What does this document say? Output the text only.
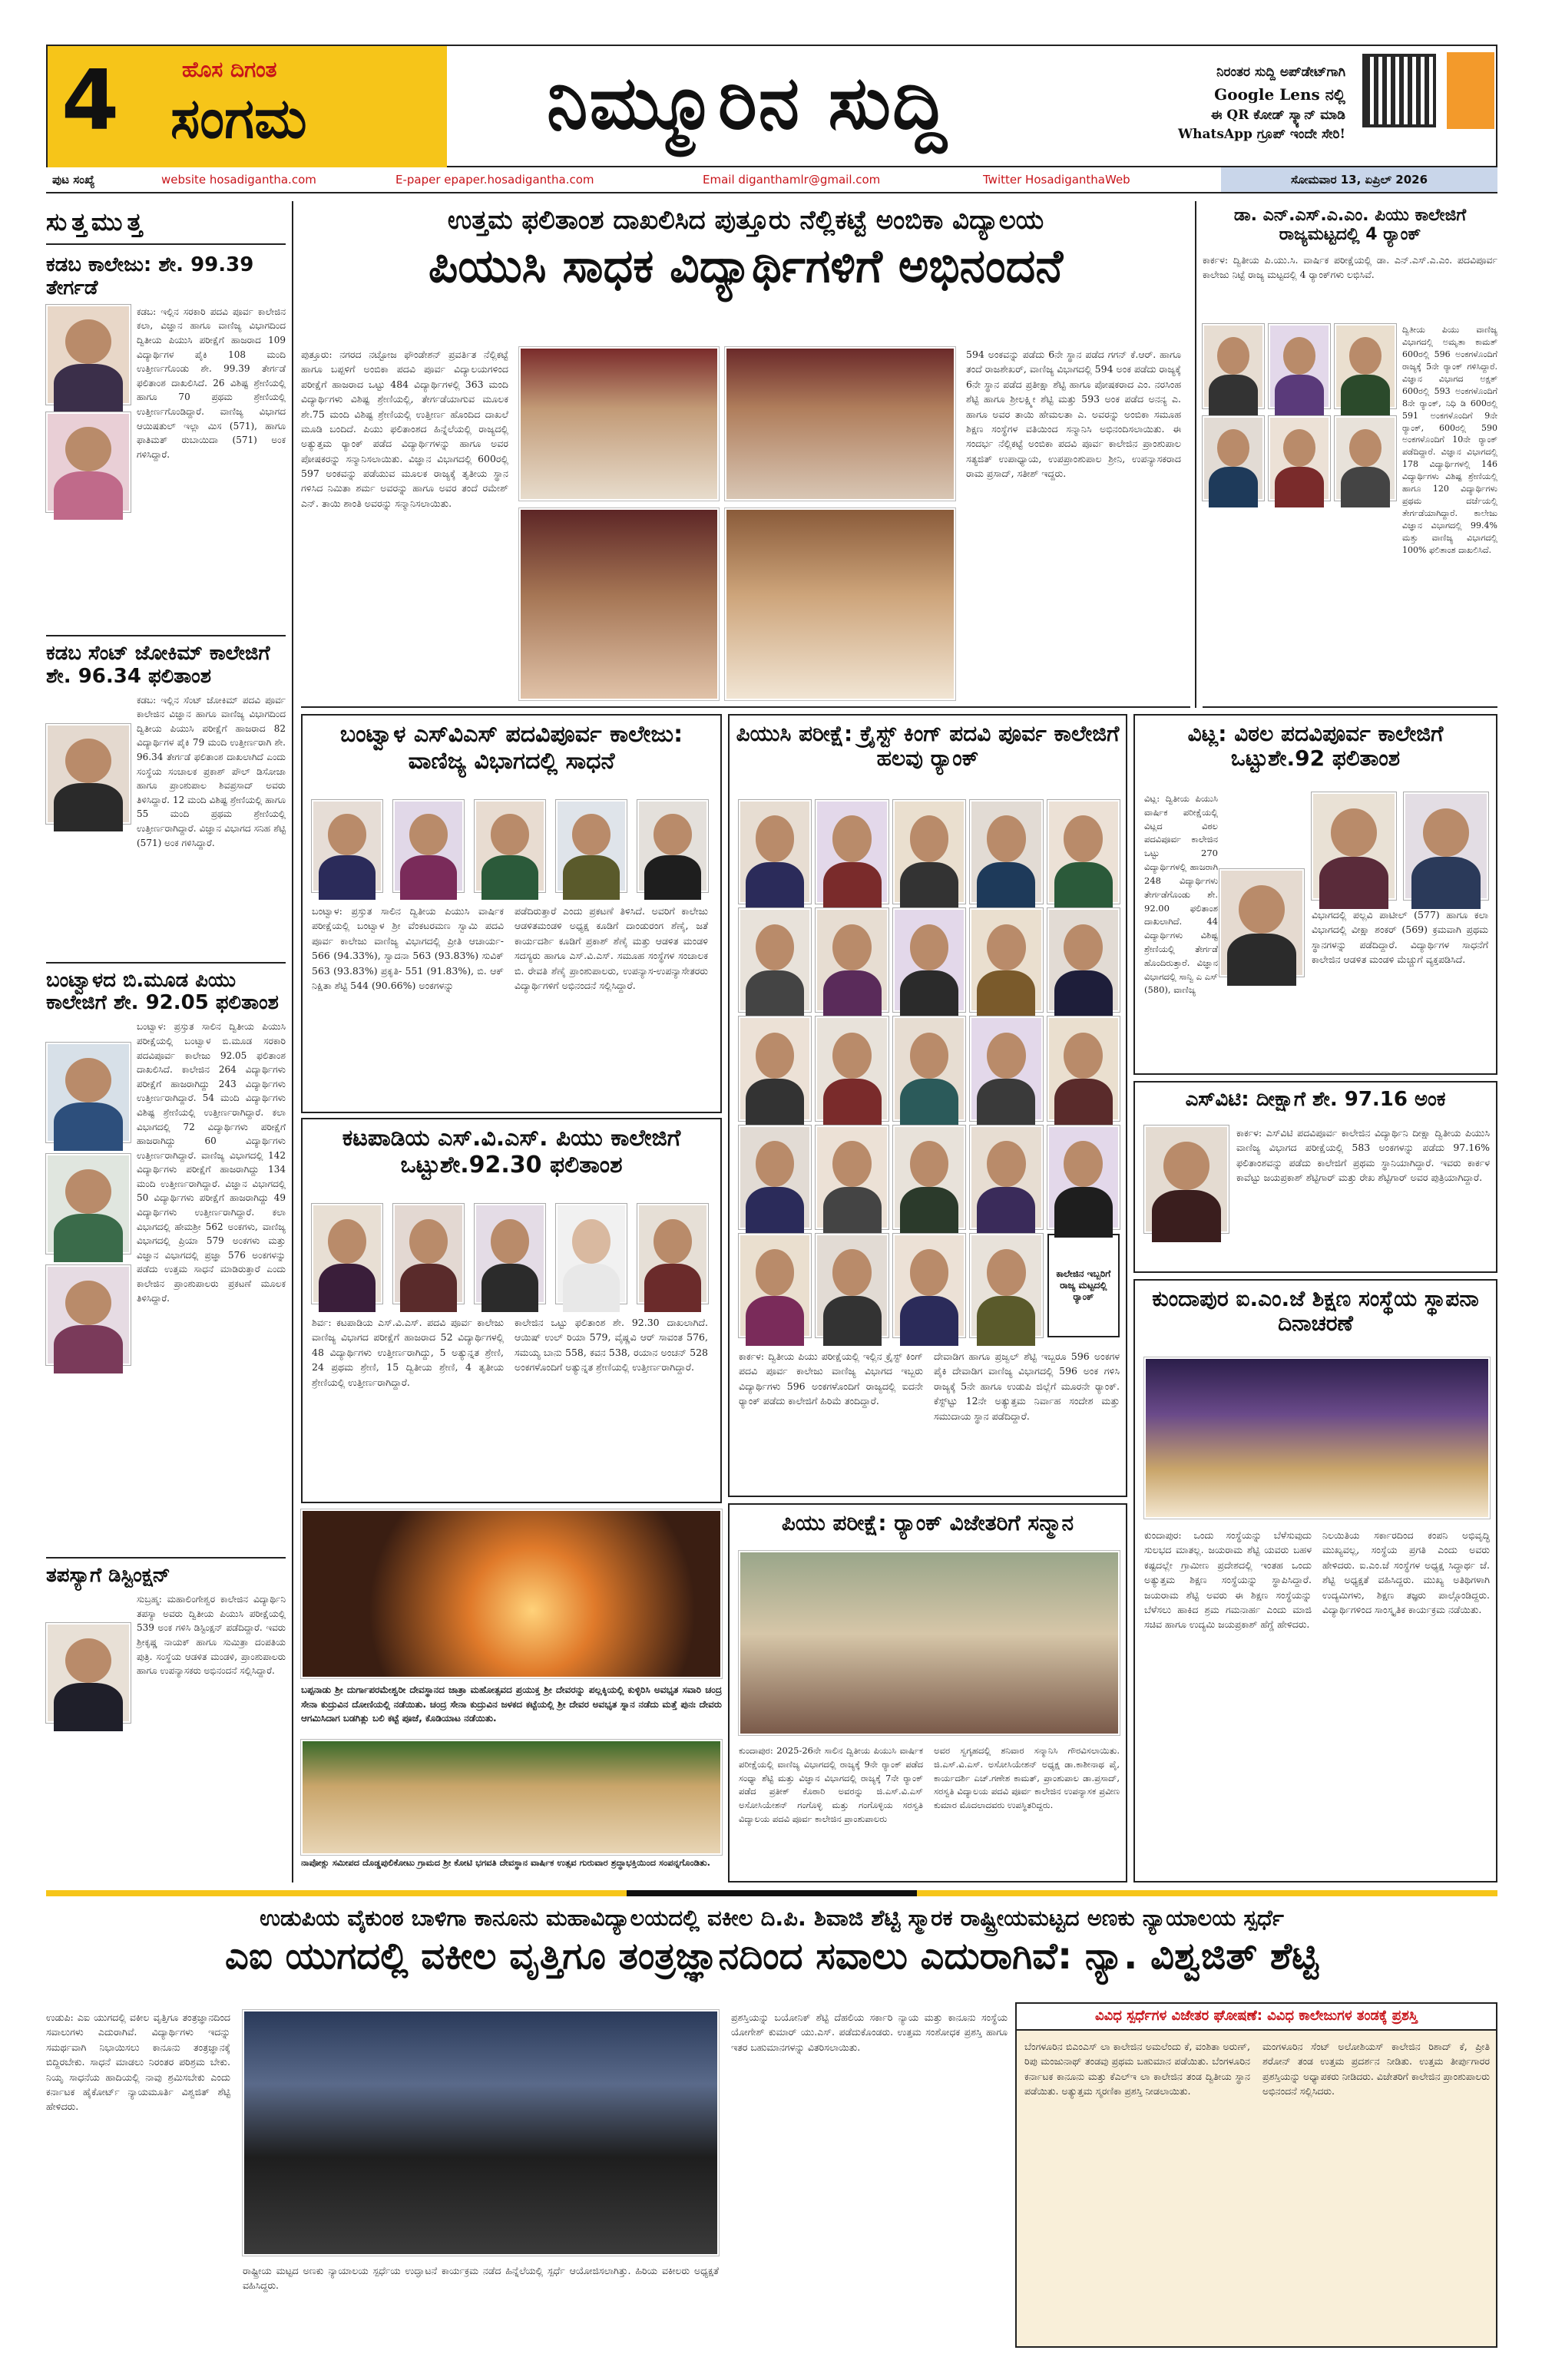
4	ಹೊಸ ದಿಗಂತ
ಸಂಗಮ	ನಿಮ್ಮೂರಿನ ಸುದ್ದಿ	ನಿರಂತರ ಸುದ್ದಿ ಅಪ್‌ಡೇಟ್‌ಗಾಗಿ
Google Lens ನಲ್ಲಿ
ಈ QR ಕೋಡ್ ಸ್ಕ್ಯಾನ್ ಮಾಡಿ
WhatsApp ಗ್ರೂಪ್ ಇಂದೇ ಸೇರಿ!
ಪುಟ ಸಂಖ್ಯೆ	website hosadigantha.com	E-paper epaper.hosadigantha.com	Email diganthamlr@gmail.com	Twitter HosadiganthaWeb	ಸೋಮವಾರ 13, ಏಪ್ರಿಲ್ 2026
ಸುತ್ತಮುತ್ತ
ಕಡಬ ಕಾಲೇಜು: ಶೇ. 99.39 ತೇರ್ಗಡೆ
ಕಡಬ: ಇಲ್ಲಿನ ಸರಕಾರಿ ಪದವಿ ಪೂರ್ವ ಕಾಲೇಜಿನ ಕಲಾ, ವಿಜ್ಞಾನ ಹಾಗೂ ವಾಣಿಜ್ಯ ವಿಭಾಗದಿಂದ ದ್ವಿತೀಯ ಪಿಯುಸಿ ಪರೀಕ್ಷೆಗೆ ಹಾಜರಾದ 109 ವಿದ್ಯಾರ್ಥಿಗಳ ಪೈಕಿ 108 ಮಂದಿ ಉತ್ತೀರ್ಣಗೊಂಡು ಶೇ. 99.39 ತೇರ್ಗಡೆ ಫಲಿತಾಂಶ ದಾಖಲಿಸಿದೆ. 26 ವಿಶಿಷ್ಟ ಶ್ರೇಣಿಯಲ್ಲಿ ಹಾಗೂ 70 ಪ್ರಥಮ ಶ್ರೇಣಿಯಲ್ಲಿ ಉತ್ತೀರ್ಣಗೊಂಡಿದ್ದಾರೆ. ವಾಣಿಜ್ಯ ವಿಭಾಗದ ಆಯಿಷತುಲ್ ಇಲ್ಲಾ ಮಿಸ (571), ಹಾಗೂ ಫಾತಿಮತ್ ರುಬಾಯಿದಾ (571) ಅಂಕ ಗಳಿಸಿದ್ದಾರೆ.
ಕಡಬ ಸೆಂಟ್ ಜೋಕಿಮ್ ಕಾಲೇಜಿಗೆ ಶೇ. 96.34 ಫಲಿತಾಂಶ
ಕಡಬ: ಇಲ್ಲಿನ ಸೆಂಟ್ ಜೋಕಿಮ್ ಪದವಿ ಪೂರ್ವ ಕಾಲೇಜಿನ ವಿಜ್ಞಾನ ಹಾಗೂ ವಾಣಿಜ್ಯ ವಿಭಾಗದಿಂದ ದ್ವಿತೀಯ ಪಿಯುಸಿ ಪರೀಕ್ಷೆಗೆ ಹಾಜರಾದ 82 ವಿದ್ಯಾರ್ಥಿಗಳ ಪೈಕಿ 79 ಮಂದಿ ಉತ್ತೀರ್ಣರಾಗಿ ಶೇ. 96.34 ತೇರ್ಗಡೆ ಫಲಿತಾಂಶ ದಾಖಲಾಗಿದೆ ಎಂದು ಸಂಸ್ಥೆಯ ಸಂಚಾಲಕ ಪ್ರಕಾಶ್ ಪೌಲ್ ಡಿಸೋಜಾ ಹಾಗೂ ಪ್ರಾಂಶುಪಾಲ ಶಿವಪ್ರಸಾದ್ ಅವರು ತಿಳಿಸಿದ್ದಾರೆ. 12 ಮಂದಿ ವಿಶಿಷ್ಟ ಶ್ರೇಣಿಯಲ್ಲಿ ಹಾಗೂ 55 ಮಂದಿ ಪ್ರಥಮ ಶ್ರೇಣಿಯಲ್ಲಿ ಉತ್ತೀರ್ಣರಾಗಿದ್ದಾರೆ. ವಿಜ್ಞಾನ ವಿಭಾಗದ ಸನಿಹ ಶೆಟ್ಟಿ (571) ಅಂಕ ಗಳಿಸಿದ್ದಾರೆ.
ಬಂಟ್ವಾಳದ ಬಿ.ಮೂಡ ಪಿಯು ಕಾಲೇಜಿಗೆ ಶೇ. 92.05 ಫಲಿತಾಂಶ
ಬಂಟ್ವಾಳ: ಪ್ರಸ್ತುತ ಸಾಲಿನ ದ್ವಿತೀಯ ಪಿಯುಸಿ ಪರೀಕ್ಷೆಯಲ್ಲಿ ಬಂಟ್ವಾಳ ಬಿ.ಮೂಡ ಸರಕಾರಿ ಪದವಿಪೂರ್ವ ಕಾಲೇಜು 92.05 ಫಲಿತಾಂಶ ದಾಖಲಿಸಿದೆ. ಕಾಲೇಜಿನ 264 ವಿದ್ಯಾರ್ಥಿಗಳು ಪರೀಕ್ಷೆಗೆ ಹಾಜರಾಗಿದ್ದು 243 ವಿದ್ಯಾರ್ಥಿಗಳು ಉತ್ತೀರ್ಣರಾಗಿದ್ದಾರೆ. 54 ಮಂದಿ ವಿದ್ಯಾರ್ಥಿಗಳು ವಿಶಿಷ್ಟ ಶ್ರೇಣಿಯಲ್ಲಿ ಉತ್ತೀರ್ಣರಾಗಿದ್ದಾರೆ. ಕಲಾ ವಿಭಾಗದಲ್ಲಿ 72 ವಿದ್ಯಾರ್ಥಿಗಳು ಪರೀಕ್ಷೆಗೆ ಹಾಜರಾಗಿದ್ದು 60 ವಿದ್ಯಾರ್ಥಿಗಳು ಉತ್ತೀರ್ಣರಾಗಿದ್ದಾರೆ. ವಾಣಿಜ್ಯ ವಿಭಾಗದಲ್ಲಿ 142 ವಿದ್ಯಾರ್ಥಿಗಳು ಪರೀಕ್ಷೆಗೆ ಹಾಜರಾಗಿದ್ದು 134 ಮಂದಿ ಉತ್ತೀರ್ಣರಾಗಿದ್ದಾರೆ. ವಿಜ್ಞಾನ ವಿಭಾಗದಲ್ಲಿ 50 ವಿದ್ಯಾರ್ಥಿಗಳು ಪರೀಕ್ಷೆಗೆ ಹಾಜರಾಗಿದ್ದು 49 ವಿದ್ಯಾರ್ಥಿಗಳು ಉತ್ತೀರ್ಣರಾಗಿದ್ದಾರೆ. ಕಲಾ ವಿಭಾಗದಲ್ಲಿ ಹೇಮಶ್ರೀ 562 ಅಂಕಗಳು, ವಾಣಿಜ್ಯ ವಿಭಾಗದಲ್ಲಿ ಪ್ರಿಯಾ 579 ಅಂಕಗಳು ಮತ್ತು ವಿಜ್ಞಾನ ವಿಭಾಗದಲ್ಲಿ ಪ್ರಜ್ಞಾ 576 ಅಂಕಗಳನ್ನು ಪಡೆದು ಉತ್ತಮ ಸಾಧನೆ ಮಾಡಿರುತ್ತಾರೆ ಎಂದು ಕಾಲೇಜಿನ ಪ್ರಾಂಶುಪಾಲರು ಪ್ರಕಟಣೆ ಮೂಲಕ ತಿಳಿಸಿದ್ದಾರೆ.
ತಪಸ್ಯಾಗೆ ಡಿಸ್ಟಿಂಕ್ಷನ್
ಸುಬ್ರಹ್ಮ: ಮಹಾಲಿಂಗೇಶ್ವರ ಕಾಲೇಜಿನ ವಿದ್ಯಾರ್ಥಿನಿ ತಪಸ್ಯಾ ಅವರು ದ್ವಿತೀಯ ಪಿಯುಸಿ ಪರೀಕ್ಷೆಯಲ್ಲಿ 539 ಅಂಕ ಗಳಿಸಿ ಡಿಸ್ಟಿಂಕ್ಷನ್ ಪಡೆದಿದ್ದಾರೆ. ಇವರು ಶ್ರೀಕೃಷ್ಣ ನಾಯಕ್ ಹಾಗೂ ಸುಮಿತ್ರಾ ದಂಪತಿಯ ಪುತ್ರಿ. ಸಂಸ್ಥೆಯ ಆಡಳಿತ ಮಂಡಳಿ, ಪ್ರಾಂಶುಪಾಲರು ಹಾಗೂ ಉಪನ್ಯಾಸಕರು ಅಭಿನಂದನೆ ಸಲ್ಲಿಸಿದ್ದಾರೆ.
ಉತ್ತಮ ಫಲಿತಾಂಶ ದಾಖಲಿಸಿದ ಪುತ್ತೂರು ನೆಲ್ಲಿಕಟ್ಟೆ ಅಂಬಿಕಾ ವಿದ್ಯಾಲಯ
ಪಿಯುಸಿ ಸಾಧಕ ವಿದ್ಯಾರ್ಥಿಗಳಿಗೆ ಅಭಿನಂದನೆ
ಪುತ್ತೂರು: ನಗರದ ನಟ್ಟೋಜ ಫೌಂಡೇಶನ್ ಪ್ರವರ್ತಿತ ನೆಲ್ಲಿಕಟ್ಟೆ ಹಾಗೂ ಬಪ್ಪಳಿಗೆ ಅಂಬಿಕಾ ಪದವಿ ಪೂರ್ವ ವಿದ್ಯಾಲಯಗಳಿಂದ ಪರೀಕ್ಷೆಗೆ ಹಾಜರಾದ ಒಟ್ಟು 484 ವಿದ್ಯಾರ್ಥಿಗಳಲ್ಲಿ 363 ಮಂದಿ ವಿದ್ಯಾರ್ಥಿಗಳು ವಿಶಿಷ್ಟ ಶ್ರೇಣಿಯಲ್ಲಿ, ತೇರ್ಗಡೆಯಾಗುವ ಮೂಲಕ ಶೇ.75 ಮಂದಿ ವಿಶಿಷ್ಟ ಶ್ರೇಣಿಯಲ್ಲಿ ಉತ್ತೀರ್ಣ ಹೊಂದಿದ ದಾಖಲೆ ಮೂಡಿ ಬಂದಿದೆ. ಪಿಯು ಫಲಿತಾಂಶದ ಹಿನ್ನೆಲೆಯಲ್ಲಿ ರಾಜ್ಯದಲ್ಲಿ ಅತ್ಯುತ್ತಮ ರ್‍ಯಾಂಕ್ ಪಡೆದ ವಿದ್ಯಾರ್ಥಿಗಳನ್ನು ಹಾಗೂ ಅವರ ಪೋಷಕರನ್ನು ಸನ್ಮಾನಿಸಲಾಯಿತು. ವಿಜ್ಞಾನ ವಿಭಾಗದಲ್ಲಿ 600ರಲ್ಲಿ 597 ಅಂಕವನ್ನು ಪಡೆಯುವ ಮೂಲಕ ರಾಜ್ಯಕ್ಕೆ ತೃತೀಯ ಸ್ಥಾನ ಗಳಿಸಿದ ನಿಮಿತಾ ಶರ್ಮ ಅವರನ್ನು ಹಾಗೂ ಅವರ ತಂದೆ ರಮೇಶ್ ಎನ್. ತಾಯಿ ಶಾಂತಿ ಅವರನ್ನು ಸನ್ಮಾನಿಸಲಾಯಿತು.
594 ಅಂಕವನ್ನು ಪಡೆದು 6ನೇ ಸ್ಥಾನ ಪಡೆದ ಗಗನ್ ಕೆ.ಆರ್. ಹಾಗೂ ತಂದೆ ರಾಜಶೇಖರ್, ವಾಣಿಜ್ಯ ವಿಭಾಗದಲ್ಲಿ 594 ಅಂಕ ಪಡೆದು ರಾಜ್ಯಕ್ಕೆ 6ನೇ ಸ್ಥಾನ ಪಡೆದ ಪ್ರತೀಕ್ಷಾ ಶೆಟ್ಟಿ ಹಾಗೂ ಪೋಷಕರಾದ ಎಂ. ನರಸಿಂಹ ಶೆಟ್ಟಿ ಹಾಗೂ ಶ್ರೀಲಕ್ಷ್ಮೀ ಶೆಟ್ಟಿ ಮತ್ತು 593 ಅಂಕ ಪಡೆದ ಅನನ್ಯ ಎ. ಹಾಗೂ ಅವರ ತಾಯಿ ಹೇಮಲತಾ ಎ. ಅವರನ್ನು ಅಂಬಿಕಾ ಸಮೂಹ ಶಿಕ್ಷಣ ಸಂಸ್ಥೆಗಳ ವತಿಯಿಂದ ಸನ್ಮಾನಿಸಿ ಅಭಿನಂದಿಸಲಾಯಿತು. ಈ ಸಂದರ್ಭ ನೆಲ್ಲಿಕಟ್ಟೆ ಅಂಬಿಕಾ ಪದವಿ ಪೂರ್ವ ಕಾಲೇಜಿನ ಪ್ರಾಂಶುಪಾಲ ಸತ್ಯಜಿತ್ ಉಪಾಧ್ಯಾಯ, ಉಪಪ್ರಾಂಶುಪಾಲ ಶ್ರೀನಿ, ಉಪನ್ಯಾಸಕರಾದ ರಾಮ ಪ್ರಸಾದ್, ಸತೀಶ್ ಇದ್ದರು.
ಡಾ. ಎನ್.ಎಸ್.ಎ.ಎಂ. ಪಿಯು ಕಾಲೇಜಿಗೆ ರಾಜ್ಯಮಟ್ಟದಲ್ಲಿ 4 ರ್‍ಯಾಂಕ್
ಕಾರ್ಕಳ: ದ್ವಿತೀಯ ಪಿ.ಯು.ಸಿ. ವಾರ್ಷಿಕ ಪರೀಕ್ಷೆಯಲ್ಲಿ ಡಾ. ಎನ್.ಎಸ್.ಎ.ಎಂ. ಪದವಿಪೂರ್ವ ಕಾಲೇಜು ನಿಟ್ಟೆ ರಾಜ್ಯ ಮಟ್ಟದಲ್ಲಿ 4 ರ್‍ಯಾಂಕ್‌ಗಳು ಲಭಿಸಿವೆ.
ದ್ವಿತೀಯ ಪಿಯು ವಾಣಿಜ್ಯ ವಿಭಾಗದಲ್ಲಿ ಅಮೃತಾ ಕಾಮತ್ 600ರಲ್ಲಿ 596 ಅಂಕಗಳೊಂದಿಗೆ ರಾಜ್ಯಕ್ಕೆ 5ನೇ ರ್‍ಯಾಂಕ್ ಗಳಿಸಿದ್ದಾರೆ. ವಿಜ್ಞಾನ ವಿಭಾಗದ ಅಕ್ಷತ್ 600ರಲ್ಲಿ 593 ಅಂಕಗಳೊಂದಿಗೆ 8ನೇ ರ್‍ಯಾಂಕ್, ನಿಧಿ ಡಿ 600ರಲ್ಲಿ 591 ಅಂಕಗಳೊಂದಿಗೆ 9ನೇ ರ್‍ಯಾಂಕ್, 600ರಲ್ಲಿ 590 ಅಂಕಗಳೊಂದಿಗೆ 10ನೇ ರ್‍ಯಾಂಕ್ ಪಡೆದಿದ್ದಾರೆ. ವಿಜ್ಞಾನ ವಿಭಾಗದಲ್ಲಿ 178 ವಿದ್ಯಾರ್ಥಿಗಳಲ್ಲಿ 146 ವಿದ್ಯಾರ್ಥಿಗಳು ವಿಶಿಷ್ಟ ಶ್ರೇಣಿಯಲ್ಲಿ ಹಾಗೂ 120 ವಿದ್ಯಾರ್ಥಿಗಳು ಪ್ರಥಮ ದರ್ಜೆಯಲ್ಲಿ ತೇರ್ಗಡೆಯಾಗಿದ್ದಾರೆ. ಕಾಲೇಜು ವಿಜ್ಞಾನ ವಿಭಾಗದಲ್ಲಿ 99.4% ಮತ್ತು ವಾಣಿಜ್ಯ ವಿಭಾಗದಲ್ಲಿ 100% ಫಲಿತಾಂಶ ದಾಖಲಿಸಿದೆ.
ಬಂಟ್ವಾಳ ಎಸ್‌ವಿಎಸ್ ಪದವಿಪೂರ್ವ ಕಾಲೇಜು: ವಾಣಿಜ್ಯ ವಿಭಾಗದಲ್ಲಿ ಸಾಧನೆ
ಬಂಟ್ವಾಳ: ಪ್ರಸ್ತುತ ಸಾಲಿನ ದ್ವಿತೀಯ ಪಿಯುಸಿ ವಾರ್ಷಿಕ ಪರೀಕ್ಷೆಯಲ್ಲಿ ಬಂಟ್ವಾಳ ಶ್ರೀ ವೆಂಕಟರಮಣ ಸ್ವಾಮಿ ಪದವಿ ಪೂರ್ವ ಕಾಲೇಜು ವಾಣಿಜ್ಯ ವಿಭಾಗದಲ್ಲಿ ಪ್ರೀತಿ ಆಚಾರ್ಯ- 566 (94.33%), ಸ್ವಾದನಾ 563 (93.83%) ಸುವಿಕ್ 563 (93.83%) ಪ್ರಕೃತಿ- 551 (91.83%), ಬಿ. ಆಕ್ ನಿಕ್ಷಿತಾ ಶೆಟ್ಟಿ 544 (90.66%) ಅಂಕಗಳನ್ನು
ಪಡೆದಿರುತ್ತಾರೆ ಎಂದು ಪ್ರಕಟಣೆ ತಿಳಿಸಿದೆ. ಅವರಿಗೆ ಕಾಲೇಜು ಆಡಳಿತಮಂಡಳಿ ಅಧ್ಯಕ್ಷ ಕೂಡಿಗೆ ದಾಂಡುರಂಗ ಶೆಣೈ, ಜತೆ ಕಾರ್ಯದರ್ಶಿ ಕೂಡಿಗೆ ಪ್ರಕಾಶ್ ಶೆಣೈ ಮತ್ತು ಆಡಳಿತ ಮಂಡಳಿ ಸದಸ್ಯರು ಹಾಗೂ ಎಸ್.ವಿ.ಎಸ್. ಸಮೂಹ ಸಂಸ್ಥೆಗಳ ಸಂಚಾಲಕ ಬಿ. ರೇವತಿ ಶೆಣೈ ಪ್ರಾಂಶುಪಾಲರು, ಉಪನ್ಯಾಸ-ಉಪನ್ಯಾಸೇತರರು ವಿದ್ಯಾರ್ಥಿಗಳಿಗೆ ಅಭಿನಂದನೆ ಸಲ್ಲಿಸಿದ್ದಾರೆ.
ಕಟಪಾಡಿಯ ಎಸ್.ವಿ.ಎಸ್. ಪಿಯು ಕಾಲೇಜಿಗೆ ಒಟ್ಟುಶೇ.92.30 ಫಲಿತಾಂಶ
ಶಿರ್ವ: ಕಟಪಾಡಿಯ ಎಸ್.ವಿ.ಎಸ್. ಪದವಿ ಪೂರ್ವ ಕಾಲೇಜು ವಾಣಿಜ್ಯ ವಿಭಾಗದ ಪರೀಕ್ಷೆಗೆ ಹಾಜರಾದ 52 ವಿದ್ಯಾರ್ಥಿಗಳಲ್ಲಿ 48 ವಿದ್ಯಾರ್ಥಿಗಳು ಉತ್ತೀರ್ಣರಾಗಿದ್ದು, 5 ಅತ್ಯುನ್ನತ ಶ್ರೇಣಿ, 24 ಪ್ರಥಮ ಶ್ರೇಣಿ, 15 ದ್ವಿತೀಯ ಶ್ರೇಣಿ, 4 ತೃತೀಯ ಶ್ರೇಣಿಯಲ್ಲಿ ಉತ್ತೀರ್ಣರಾಗಿದ್ದಾರೆ.
ಕಾಲೇಜಿನ ಒಟ್ಟು ಫಲಿತಾಂಶ ಶೇ. 92.30 ದಾಖಲಾಗಿದೆ. ಆಯಿಷ್ ಉಲ್ ರಿಯಾ 579, ವೈಷ್ಣವಿ ಆರ್ ಸಾವಂತ 576, ಸಮಯ್ಯ ಬಾನು 558, ಕವನ 538, ರಯಾನ ಅಂಚನ್ 528 ಅಂಕಗಳೊಂದಿಗೆ ಅತ್ಯುನ್ನತ ಶ್ರೇಣಿಯಲ್ಲಿ ಉತ್ತೀರ್ಣರಾಗಿದ್ದಾರೆ.
ಪಿಯುಸಿ ಪರೀಕ್ಷೆ: ಕ್ರೈಸ್ಟ್ ಕಿಂಗ್ ಪದವಿ ಪೂರ್ವ ಕಾಲೇಜಿಗೆ ಹಲವು ರ್‍ಯಾಂಕ್
ಕಾಲೇಜಿನ ಇಬ್ಬರಿಗೆ ರಾಜ್ಯ ಮಟ್ಟದಲ್ಲಿ ರ್‍ಯಾಂಕ್
ಕಾರ್ಕಳ: ದ್ವಿತೀಯ ಪಿಯು ಪರೀಕ್ಷೆಯಲ್ಲಿ ಇಲ್ಲಿನ ಕ್ರೈಸ್ಟ್ ಕಿಂಗ್ ಪದವಿ ಪೂರ್ವ ಕಾಲೇಜು ವಾಣಿಜ್ಯ ವಿಭಾಗದ ಇಬ್ಬರು ವಿದ್ಯಾರ್ಥಿಗಳು 596 ಅಂಕಗಳೊಂದಿಗೆ ರಾಜ್ಯದಲ್ಲಿ ಐದನೇ ರ್‍ಯಾಂಕ್ ಪಡೆದು ಕಾಲೇಜಿಗೆ ಹಿರಿಮೆ ತಂದಿದ್ದಾರೆ.
ದೇವಾಡಿಗ ಹಾಗೂ ಪ್ರಜ್ವಲ್ ಶೆಟ್ಟಿ ಇಬ್ಬರೂ 596 ಅಂಕಗಳ ಪೈಕಿ ದೇವಾಡಿಗ ವಾಣಿಜ್ಯ ವಿಭಾಗದಲ್ಲಿ 596 ಅಂಕ ಗಳಿಸಿ ರಾಜ್ಯಕ್ಕೆ 5ನೇ ಹಾಗೂ ಉಡುಪಿ ಜಿಲ್ಲೆಗೆ ಮೂರನೇ ರ್‍ಯಾಂಕ್. ಕೆಸ್ಟ್‌ಟ್ಟು 12ನೇ ಅತ್ಯುತ್ತಮ ನಿರ್ವಾಹ ಸಂದೇಶ ಮತ್ತು ಸಮುದಾಯ ಸ್ಥಾನ ಪಡೆದಿದ್ದಾರೆ.
ವಿಟ್ಲ: ವಿಠಲ ಪದವಿಪೂರ್ವ ಕಾಲೇಜಿಗೆ ಒಟ್ಟುಶೇ.92 ಫಲಿತಾಂಶ
ವಿಟ್ಲ: ದ್ವಿತೀಯ ಪಿಯುಸಿ ವಾರ್ಷಿಕ ಪರೀಕ್ಷೆಯಲ್ಲಿ ವಿಟ್ಲದ ವಿಠಲ ಪದವಿಪೂರ್ವ ಕಾಲೇಜಿನ ಒಟ್ಟು 270 ವಿದ್ಯಾರ್ಥಿಗಳಲ್ಲಿ ಹಾಜರಾಗಿ 248 ವಿದ್ಯಾರ್ಥಿಗಳು ತೇರ್ಗಡೆಗೊಂಡು ಶೇ. 92.00 ಫಲಿತಾಂಶ ದಾಖಲಾಗಿದೆ. 44 ವಿದ್ಯಾರ್ಥಿಗಳು ವಿಶಿಷ್ಟ ಶ್ರೇಣಿಯಲ್ಲಿ ತೇರ್ಗಡೆ ಹೊಂದಿರುತ್ತಾರೆ. ವಿಜ್ಞಾನ ವಿಭಾಗದಲ್ಲಿ ಸಾನ್ವಿ ಎ ಎಸ್ (580), ವಾಣಿಜ್ಯ
ವಿಭಾಗದಲ್ಲಿ ಪಲ್ಲವಿ ಪಾಟೀಲ್ (577) ಹಾಗೂ ಕಲಾ ವಿಭಾಗದಲ್ಲಿ ವೀಕ್ಷಾ ಶಂಕರ್ (569) ಕ್ರಮವಾಗಿ ಪ್ರಥಮ ಸ್ಥಾನಗಳನ್ನು ಪಡೆದಿದ್ದಾರೆ. ವಿದ್ಯಾರ್ಥಿಗಳ ಸಾಧನೆಗೆ ಕಾಲೇಜಿನ ಆಡಳಿತ ಮಂಡಳಿ ಮೆಚ್ಚುಗೆ ವ್ಯಕ್ತಪಡಿಸಿದೆ.
ಎಸ್‌ವಿಟಿ: ದೀಕ್ಷಾಗೆ ಶೇ. 97.16 ಅಂಕ
ಕಾರ್ಕಳ: ಎಸ್‌ವಿಟಿ ಪದವಿಪೂರ್ವ ಕಾಲೇಜಿನ ವಿದ್ಯಾರ್ಥಿನಿ ದೀಕ್ಷಾ ದ್ವಿತೀಯ ಪಿಯುಸಿ ವಾಣಿಜ್ಯ ವಿಭಾಗದ ಪರೀಕ್ಷೆಯಲ್ಲಿ 583 ಅಂಕಗಳನ್ನು ಪಡೆದು 97.16% ಫಲಿತಾಂಶವನ್ನು ಪಡೆದು ಕಾಲೇಜಿಗೆ ಪ್ರಥಮ ಸ್ಥಾನಿಯಾಗಿದ್ದಾರೆ. ಇವರು ಕಾರ್ಕಳ ಕಾವೆಟ್ಟು ಜಯಪ್ರಕಾಶ್ ಶೆಟ್ಟಿಗಾರ್ ಮತ್ತು ರೇಖ ಶೆಟ್ಟಿಗಾರ್ ಅವರ ಪುತ್ರಿಯಾಗಿದ್ದಾರೆ.
ಕುಂದಾಪುರ ಐ.ಎಂ.ಜೆ ಶಿಕ್ಷಣ ಸಂಸ್ಥೆಯ ಸ್ಥಾಪನಾ ದಿನಾಚರಣೆ
ಕುಂದಾಪುರ: ಒಂದು ಸಂಸ್ಥೆಯನ್ನು ಬೆಳೆಸುವುದು ಸುಲಭದ ಮಾತಲ್ಲ. ಜಯರಾಮ ಶೆಟ್ಟಿ ಯವರು ಬಹಳ ಕಷ್ಟದಲ್ಲೇ ಗ್ರಾಮೀಣ ಪ್ರದೇಶದಲ್ಲಿ ಇಂತಹ ಒಂದು ಅತ್ಯುತ್ತಮ ಶಿಕ್ಷಣ ಸಂಸ್ಥೆಯನ್ನು ಸ್ಥಾಪಿಸಿದ್ದಾರೆ. ಜಯರಾಮ ಶೆಟ್ಟಿ ಅವರು ಈ ಶಿಕ್ಷಣ ಸಂಸ್ಥೆಯನ್ನು ಬೆಳೆಸಲು ಹಾಕಿದ ಶ್ರಮ ಗಮನಾರ್ಹ ಎಂದು ಮಾಜಿ ಸಚಿವ ಹಾಗೂ ಉದ್ಯಮಿ ಜಯಪ್ರಕಾಶ್ ಹೆಗ್ಡೆ ಹೇಳಿದರು.
ನಿಲಯಿತಿಯ ಸರ್ಕಾರದಿಂದ ಕಂಪನಿ ಅಭಿವೃದ್ಧಿ ಮುಖ್ಯವಲ್ಲ, ಸಂಸ್ಥೆಯ ಪ್ರಗತಿ ಎಂದು ಅವರು ಹೇಳಿದರು. ಐ.ಎಂ.ಜೆ ಸಂಸ್ಥೆಗಳ ಅಧ್ಯಕ್ಷ ಸಿದ್ಧಾರ್ಥ ಜೆ. ಶೆಟ್ಟಿ ಅಧ್ಯಕ್ಷತೆ ವಹಿಸಿದ್ದರು. ಮುಖ್ಯ ಅತಿಥಿಗಳಾಗಿ ಉದ್ಯಮಿಗಳು, ಶಿಕ್ಷಣ ತಜ್ಞರು ಪಾಲ್ಗೊಂಡಿದ್ದರು. ವಿದ್ಯಾರ್ಥಿಗಳಿಂದ ಸಾಂಸ್ಕೃತಿಕ ಕಾರ್ಯಕ್ರಮ ನಡೆಯಿತು.
ಬಪ್ಪನಾಡು ಶ್ರೀ ದುರ್ಗಾಪರಮೇಶ್ವರೀ ದೇವಸ್ಥಾನದ ಜಾತ್ರಾ ಮಹೋತ್ಸವದ ಪ್ರಯುಕ್ತ ಶ್ರೀ ದೇವರನ್ನು ಪಲ್ಲಕ್ಕಿಯಲ್ಲಿ ಕುಳ್ಳಿರಿಸಿ ಅವಭೃತ ಸವಾರಿ ಚಂದ್ರ ಸೇನಾ ಕುದ್ರುವಿನ ದೋಣಿಯಲ್ಲಿ ನಡೆಯಿತು. ಚಂದ್ರ ಸೇನಾ ಕುದ್ರುವಿನ ಜಳಕದ ಕಟ್ಟೆಯಲ್ಲಿ ಶ್ರೀ ದೇವರ ಅವಭೃತ ಸ್ನಾನ ನಡೆದು ಮತ್ತೆ ಪುನಃ ದೇವರು ಆಗಮಿಸಿದಾಗ ಬಡಗಿತ್ಲು ಬಲಿ ಕಟ್ಟೆ ಪೂಜೆ, ಕೊಡಿಯಾಟ ನಡೆಯಿತು.
ನಾಪೋಕ್ಲು ಸಮೀಪದ ದೊಡ್ಡಪುಲಿಕೋಟು ಗ್ರಾಮದ ಶ್ರೀ ಕೋಟಿ ಭಗವತಿ ದೇವಸ್ಥಾನ ವಾರ್ಷಿಕ ಉತ್ಸವ ಗುರುವಾರ ಶ್ರದ್ಧಾಭಕ್ತಿಯಿಂದ ಸಂಪನ್ನಗೊಂಡಿತು.
ಪಿಯು ಪರೀಕ್ಷೆ: ರ್‍ಯಾಂಕ್ ವಿಜೇತರಿಗೆ ಸನ್ಮಾನ
ಕುಂದಾಪುರ: 2025-26ನೇ ಸಾಲಿನ ದ್ವಿತೀಯ ಪಿಯುಸಿ ವಾರ್ಷಿಕ ಪರೀಕ್ಷೆಯಲ್ಲಿ ವಾಣಿಜ್ಯ ವಿಭಾಗದಲ್ಲಿ ರಾಜ್ಯಕ್ಕೆ 9ನೇ ರ್‍ಯಾಂಕ್ ಪಡೆದ ಸಂಧ್ಯಾ ಶೆಟ್ಟಿ ಮತ್ತು ವಿಜ್ಞಾನ ವಿಭಾಗದಲ್ಲಿ ರಾಜ್ಯಕ್ಕೆ 7ನೇ ರ್‍ಯಾಂಕ್ ಪಡೆದ ಪ್ರತೀಕ್ ಕೊಠಾರಿ ಅವರನ್ನು ಜಿ.ಎಸ್.ವಿ.ಎಸ್ ಅಸೋಸಿಯೇಶನ್ ಗಂಗೊಳ್ಳಿ ಮತ್ತು ಗಂಗೊಳ್ಳಿಯ ಸರಸ್ವತಿ ವಿದ್ಯಾಲಯ ಪದವಿ ಪೂರ್ವ ಕಾಲೇಜಿನ ಪ್ರಾಂಶುಪಾಲರು
ಅವರ ಸ್ವಗೃಹದಲ್ಲಿ ಶನಿವಾರ ಸನ್ಮಾನಿಸಿ ಗೌರವಿಸಲಾಯಿತು. ಜಿ.ಎಸ್.ವಿ.ಎಸ್. ಅಸೋಸಿಯೇಶನ್ ಅಧ್ಯಕ್ಷ ಡಾ.ಕಾಶೀನಾಥ ಪೈ, ಕಾರ್ಯದರ್ಶಿ ಎಚ್.ಗಣೇಶ ಕಾಮತ್, ಪ್ರಾಂಶುಪಾಲ ಡಾ.ಪ್ರಸಾದ್, ಸರಸ್ವತಿ ವಿದ್ಯಾಲಯ ಪದವಿ ಪೂರ್ವ ಕಾಲೇಜಿನ ಉಪನ್ಯಾಸಕ ಪ್ರವೀಣ ಕುಮಾರ ಮೊದಲಾದವರು ಉಪಸ್ಥಿತರಿದ್ದರು.
ಉಡುಪಿಯ ವೈಕುಂಠ ಬಾಳಿಗಾ ಕಾನೂನು ಮಹಾವಿದ್ಯಾಲಯದಲ್ಲಿ ವಕೀಲ ದಿ.ಪಿ. ಶಿವಾಜಿ ಶೆಟ್ಟಿ ಸ್ಮಾರಕ ರಾಷ್ಟ್ರೀಯಮಟ್ಟದ ಅಣಕು ನ್ಯಾಯಾಲಯ ಸ್ಪರ್ಧೆ
ಎಐ ಯುಗದಲ್ಲಿ ವಕೀಲ ವೃತ್ತಿಗೂ ತಂತ್ರಜ್ಞಾನದಿಂದ ಸವಾಲು ಎದುರಾಗಿವೆ: ನ್ಯಾ. ವಿಶ್ವಜಿತ್ ಶೆಟ್ಟಿ
ಉಡುಪಿ: ಎಐ ಯುಗದಲ್ಲಿ ವಕೀಲ ವೃತ್ತಿಗೂ ತಂತ್ರಜ್ಞಾನದಿಂದ ಸವಾಲುಗಳು ಎದುರಾಗಿವೆ. ವಿದ್ಯಾರ್ಥಿಗಳು ಇದನ್ನು ಸಮರ್ಥವಾಗಿ ನಿಭಾಯಿಸಲು ಕಾನೂನು ತಂತ್ರಜ್ಞಾನಕ್ಕೆ ಬಿದ್ದಿರಬೇಕು. ಸಾಧನೆ ಮಾಡಲು ನಿರಂತರ ಪರಿಶ್ರಮ ಬೇಕು. ನಿಯೃ ಸಾಧನೆಯ ಹಾದಿಯಲ್ಲಿ ನಾವು ಶ್ರಮಿಸಬೇಕು ಎಂದು ಕರ್ನಾಟಕ ಹೈಕೋರ್ಟ್ ನ್ಯಾಯಮೂರ್ತಿ ವಿಶ್ವಜಿತ್ ಶೆಟ್ಟಿ ಹೇಳಿದರು.
ರಾಷ್ಟ್ರೀಯ ಮಟ್ಟದ ಅಣಕು ನ್ಯಾಯಾಲಯ ಸ್ಪರ್ಧೆಯ ಉದ್ಘಾಟನೆ ಕಾರ್ಯಕ್ರಮ ನಡೆದ ಹಿನ್ನೆಲೆಯಲ್ಲಿ ಸ್ಪರ್ಧೆ ಆಯೋಜಿಸಲಾಗಿತ್ತು. ಹಿರಿಯ ವಕೀಲರು ಅಧ್ಯಕ್ಷತೆ ವಹಿಸಿದ್ದರು.
ಪ್ರಶಸ್ತಿಯನ್ನು ಬಯೋನಿಕ್ ಶೆಟ್ಟಿ ದೆಹಲಿಯ ಸರ್ಕಾರಿ ನ್ಯಾಯ ಮತ್ತು ಕಾನೂನು ಸಂಸ್ಥೆಯ ಯೋಗೇಶ್ ಕುಮಾರ್ ಯು.ಎಸ್. ಪಡೆದುಕೊಂಡರು. ಉತ್ತಮ ಸಂಶೋಧಕ ಪ್ರಶಸ್ತಿ ಹಾಗೂ ಇತರ ಬಹುಮಾನಗಳನ್ನು ವಿತರಿಸಲಾಯಿತು.
ವಿವಿಧ ಸ್ಪರ್ಧೆಗಳ ವಿಜೇತರ ಘೋಷಣೆ: ವಿವಿಧ ಕಾಲೇಜುಗಳ ತಂಡಕ್ಕೆ ಪ್ರಶಸ್ತಿ
ಬೆಂಗಳೂರಿನ ಬಿಎಂಎಸ್ ಲಾ ಕಾಲೇಜಿನ ಅಮಲೆಂದು ಕೆ, ವಂಶಿತಾ ಅರುಣ್, ರಿಪು ಮಂಜುನಾಥ್ ತಂಡವು ಪ್ರಥಮ ಬಹುಮಾನ ಪಡೆಯಿತು. ಬೆಂಗಳೂರಿನ ಕರ್ನಾಟಕ ಕಾನೂನು ಮತ್ತು ಕೆಎಲ್‌ಇ ಲಾ ಕಾಲೇಜಿನ ತಂಡ ದ್ವಿತೀಯ ಸ್ಥಾನ ಪಡೆಯಿತು. ಅತ್ಯುತ್ತಮ ಸ್ಮರಣಿಕಾ ಪ್ರಶಸ್ತಿ ನೀಡಲಾಯಿತು.
ಮಂಗಳೂರಿನ ಸೆಂಟ್ ಅಲೋಶಿಯಸ್ ಕಾಲೇಜಿನ ರಿಶಾದ್ ಕೆ, ಪ್ರೀತಿ ಶರೋನ್ ತಂಡ ಉತ್ತಮ ಪ್ರದರ್ಶನ ನೀಡಿತು. ಉತ್ತಮ ತೀರ್ಪುಗಾರರ ಪ್ರಶಸ್ತಿಯನ್ನು ಅಧ್ಯಾಪಕರು ನೀಡಿದರು. ವಿಜೇತರಿಗೆ ಕಾಲೇಜಿನ ಪ್ರಾಂಶುಪಾಲರು ಅಭಿನಂದನೆ ಸಲ್ಲಿಸಿದರು.
